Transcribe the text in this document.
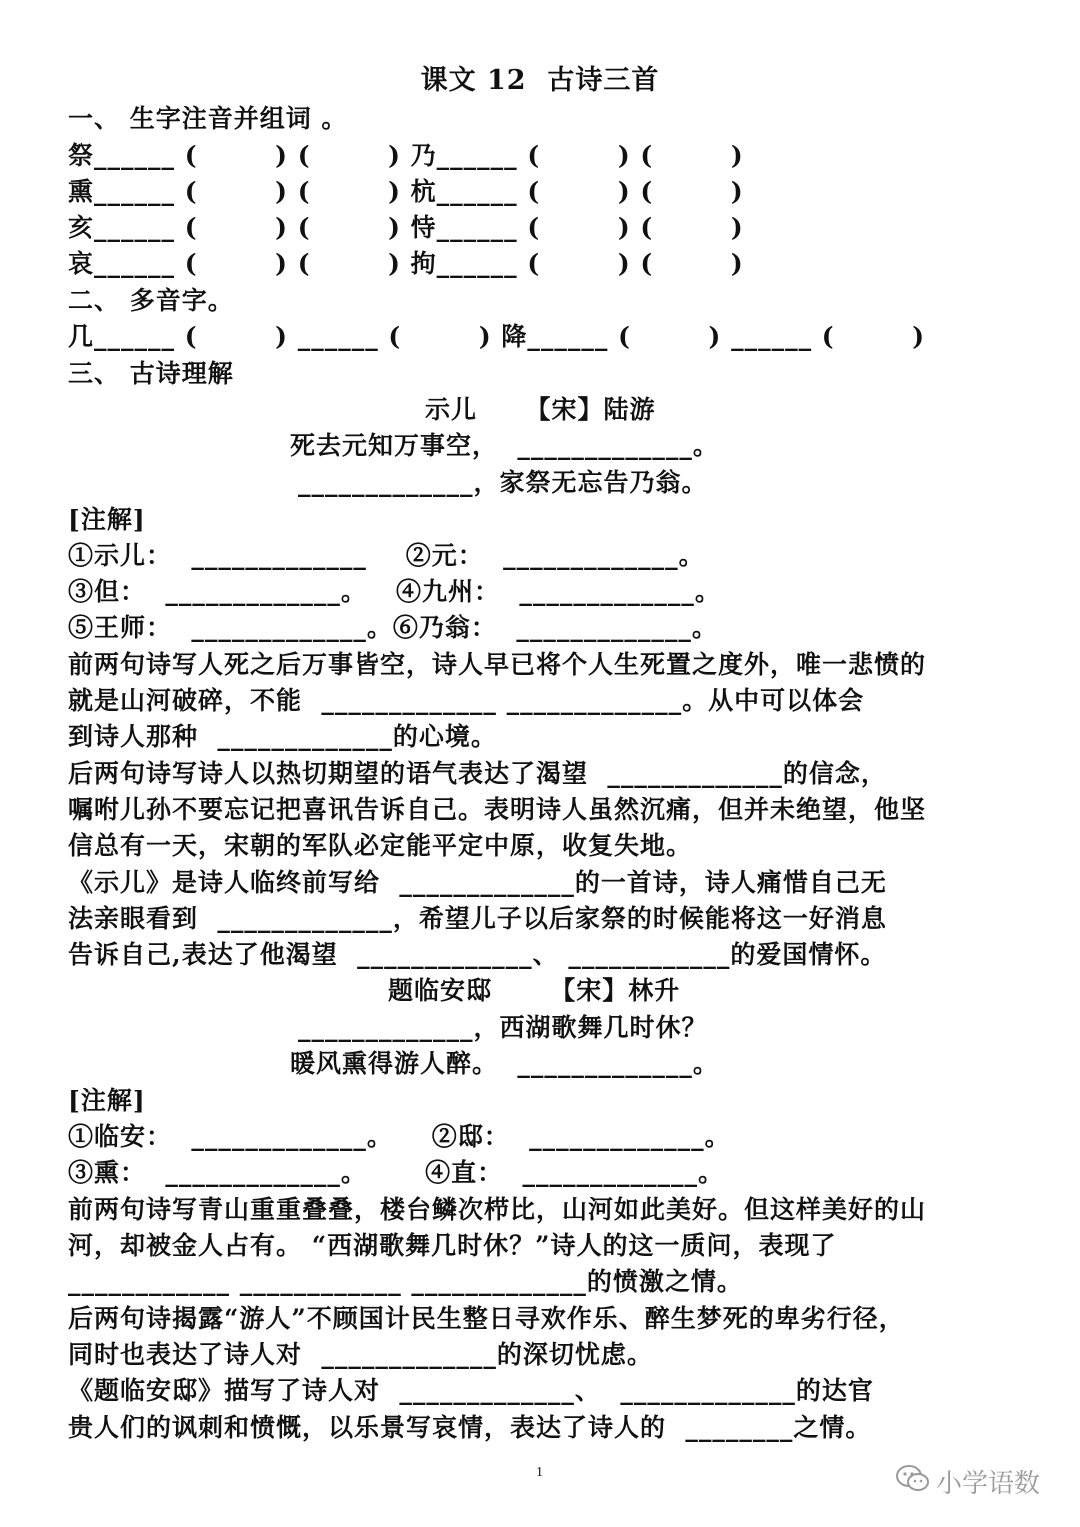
课文 12  古诗三首
一、 生字注音并组词 。
祭______ (        ) (        ) 乃______ (        ) (        )
熏______ (        ) (        ) 杭______ (        ) (        )
亥______ (        ) (        ) 恃______ (        ) (        )
哀______ (        ) (        ) 拘______ (        ) (        )
二、 多音字。
几______ (        ) ______ (        ) 降______ (        ) ______ (        )
三、 古诗理解
示儿     【宋】陆游
死去元知万事空，  _____________。
_____________，家祭无忘告乃翁。
[注解]
①示儿：  _____________    ②元：  _____________。
③但：  _____________。   ④九州：  _____________。
⑤王师：  _____________。⑥乃翁：  _____________。
前两句诗写人死之后万事皆空，诗人早已将个人生死置之度外，唯一悲愤的
就是山河破碎，不能  _____________ _____________。从中可以体会
到诗人那种  _____________的心境。
后两句诗写诗人以热切期望的语气表达了渴望  _____________的信念，
嘱咐儿孙不要忘记把喜讯告诉自己。表明诗人虽然沉痛，但并未绝望，他坚
信总有一天，宋朝的军队必定能平定中原，收复失地。
《示儿》是诗人临终前写给  _____________的一首诗，诗人痛惜自己无
法亲眼看到  _____________，希望儿子以后家祭的时候能将这一好消息
告诉自己,表达了他渴望  _____________、 ____________的爱国情怀。
题临安邸      【宋】林升
_____________，西湖歌舞几时休？
暖风熏得游人醉。  _____________。
[注解]
①临安：  _____________。    ②邸：  _____________。
③熏：  _____________。      ④直：  _____________。
前两句诗写青山重重叠叠，楼台鳞次栉比，山河如此美好。但这样美好的山
河，却被金人占有。 “西湖歌舞几时休？”诗人的这一质问，表现了
____________ ____________ _____________的愤激之情。
后两句诗揭露“游人”不顾国计民生整日寻欢作乐、醉生梦死的卑劣行径，
同时也表达了诗人对  _____________的深切忧虑。
《题临安邸》描写了诗人对  _____________、  _____________的达官
贵人们的讽刺和愤慨，以乐景写哀情，表达了诗人的  ________之情。
1	小学语数
